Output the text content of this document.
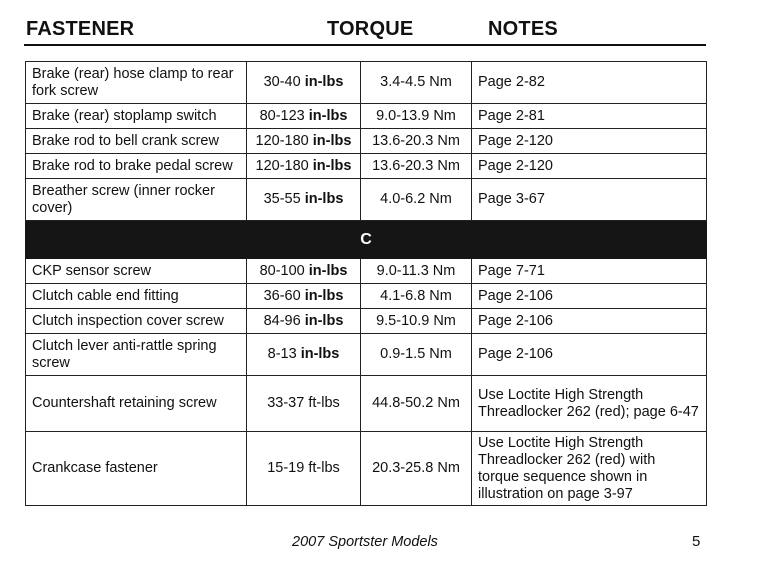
FASTENER	TORQUE	NOTES
Brake (rear) hose clamp to rear fork screw	30-40 in-lbs	3.4-4.5 Nm	Page 2-82
Brake (rear) stoplamp switch	80-123 in-lbs	9.0-13.9 Nm	Page 2-81
Brake rod to bell crank screw	120-180 in-lbs	13.6-20.3 Nm	Page 2-120
Brake rod to brake pedal screw	120-180 in-lbs	13.6-20.3 Nm	Page 2-120
Breather screw (inner rocker cover)	35-55 in-lbs	4.0-6.2 Nm	Page 3-67
C			
CKP sensor screw	80-100 in-lbs	9.0-11.3 Nm	Page 7-71
Clutch cable end fitting	36-60 in-lbs	4.1-6.8 Nm	Page 2-106
Clutch inspection cover screw	84-96 in-lbs	9.5-10.9 Nm	Page 2-106
Clutch lever anti-rattle spring screw	8-13 in-lbs	0.9-1.5 Nm	Page 2-106
Countershaft retaining screw	33-37 ft-lbs	44.8-50.2 Nm	Use Loctite High Strength Threadlocker 262 (red); page 6-47
Crankcase fastener	15-19 ft-lbs	20.3-25.8 Nm	Use Loctite High Strength Threadlocker 262 (red) with torque sequence shown in illustration on page 3-97
2007 Sportster Models	5
